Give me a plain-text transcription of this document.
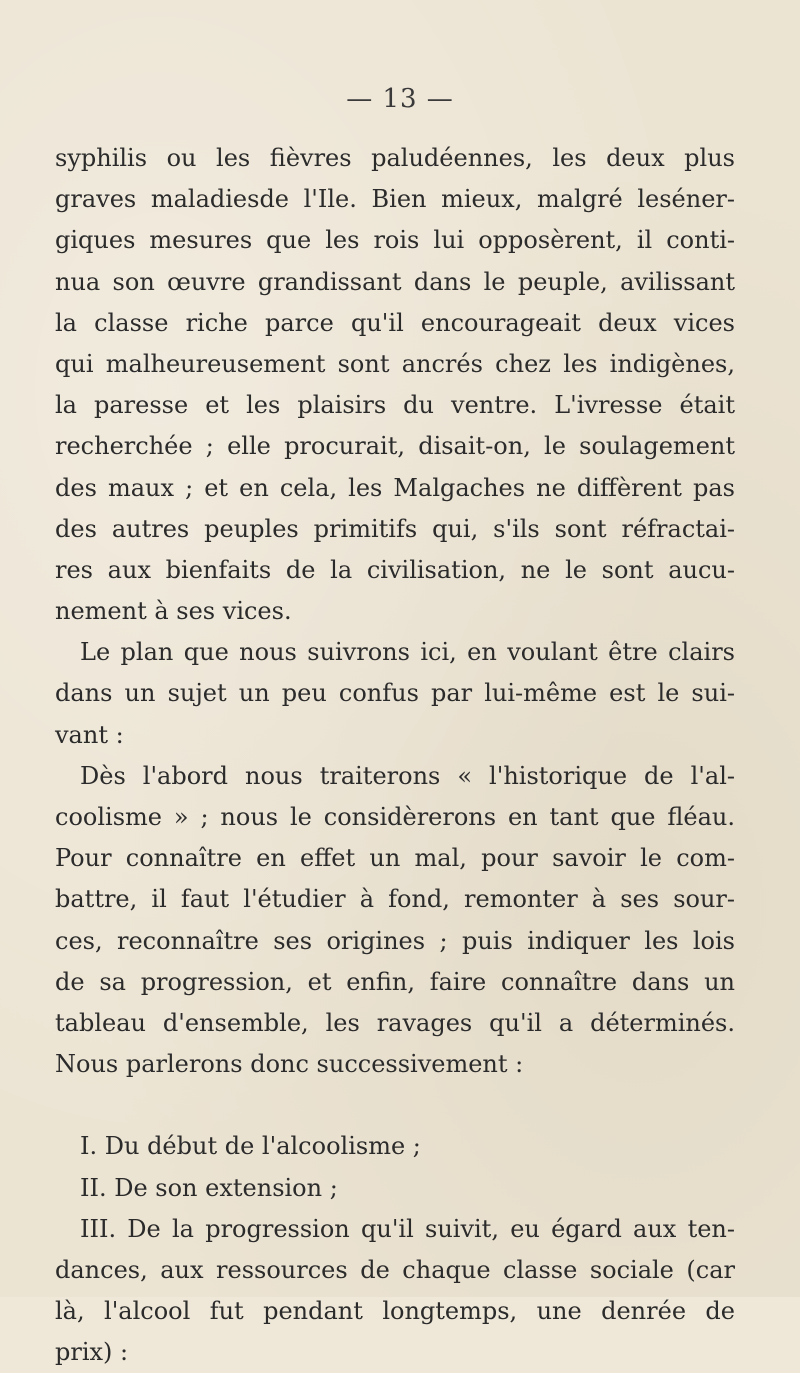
— 13 —
syphilis ou les fièvres paludéennes, les deux plus
graves maladiesde l'Ile. Bien mieux, malgré leséner-
giques mesures que les rois lui opposèrent, il conti-
nua son œuvre grandissant dans le peuple, avilissant
la classe riche parce qu'il encourageait deux vices
qui malheureusement sont ancrés chez les indigènes,
la paresse et les plaisirs du ventre. L'ivresse était
recherchée ; elle procurait, disait-on, le soulagement
des maux ; et en cela, les Malgaches ne diffèrent pas
des autres peuples primitifs qui, s'ils sont réfractai-
res aux bienfaits de la civilisation, ne le sont aucu-
nement à ses vices.
Le plan que nous suivrons ici, en voulant être clairs
dans un sujet un peu confus par lui-même est le sui-
vant :
Dès l'abord nous traiterons « l'historique de l'al-
coolisme » ; nous le considèrerons en tant que fléau.
Pour connaître en effet un mal, pour savoir le com-
battre, il faut l'étudier à fond, remonter à ses sour-
ces, reconnaître ses origines ; puis indiquer les lois
de sa progression, et enfin, faire connaître dans un
tableau d'ensemble, les ravages qu'il a déterminés.
Nous parlerons donc successivement :
I. Du début de l'alcoolisme ;
II. De son extension ;
III. De la progression qu'il suivit, eu égard aux ten-
dances, aux ressources de chaque classe sociale (car
là, l'alcool fut pendant longtemps, une denrée de
prix) :
